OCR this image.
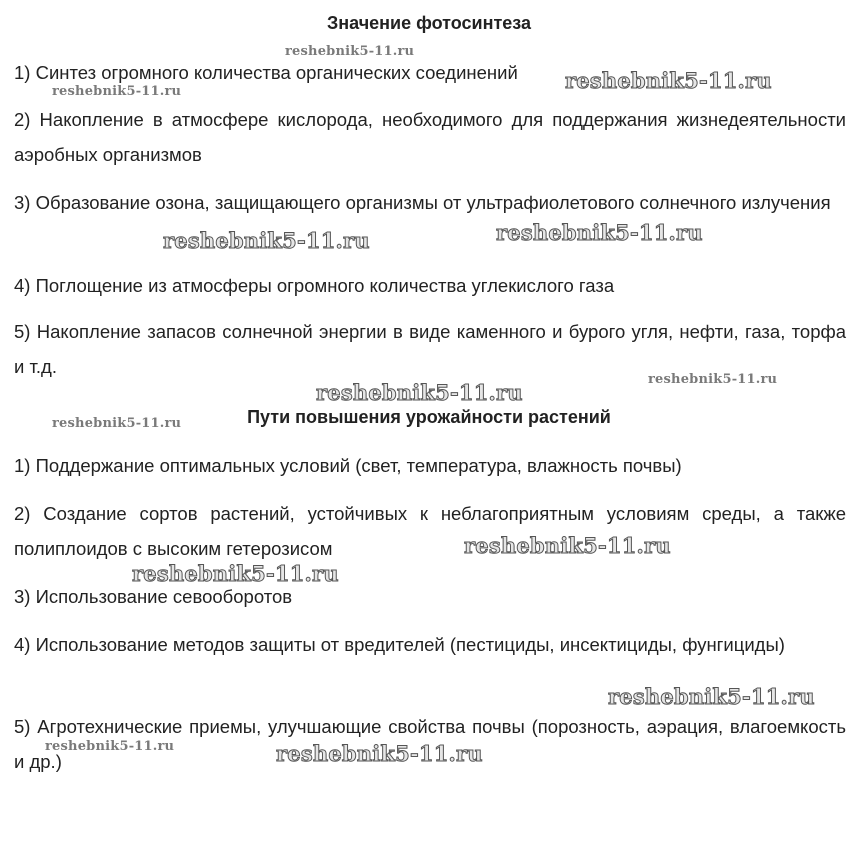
Значение фотосинтеза

1) Синтез огромного количества органических соединений

2) Накопление в атмосфере кислорода, необходимого для поддержания жизнедеятельности аэробных организмов

3) Образование озона, защищающего организмы от ультрафиолетового солнечного излучения

4) Поглощение из атмосферы огромного количества углекислого газа

5) Накопление запасов солнечной энергии в виде каменного и бурого угля, нефти, газа, торфа и т.д.

Пути повышения урожайности растений

1) Поддержание оптимальных условий (свет, температура, влажность почвы)

2) Создание сортов растений, устойчивых к неблагоприятным условиям среды, а также полиплоидов с высоким гетерозисом

3) Использование севооборотов

4) Использование методов защиты от вредителей (пестициды, инсектициды, фунгициды)

5) Агротехнические приемы, улучшающие свойства почвы (порозность, аэрация, влагоемкость и др.)

reshebnik5-11.ru
reshebnik5-11.ru
reshebnik5-11.ru
reshebnik5-11.ru	reshebnik5-11.ru
reshebnik5-11.ru
reshebnik5-11.ru
reshebnik5-11.ru
reshebnik5-11.ru
reshebnik5-11.ru
reshebnik5-11.ru
reshebnik5-11.ru	reshebnik5-11.ru
